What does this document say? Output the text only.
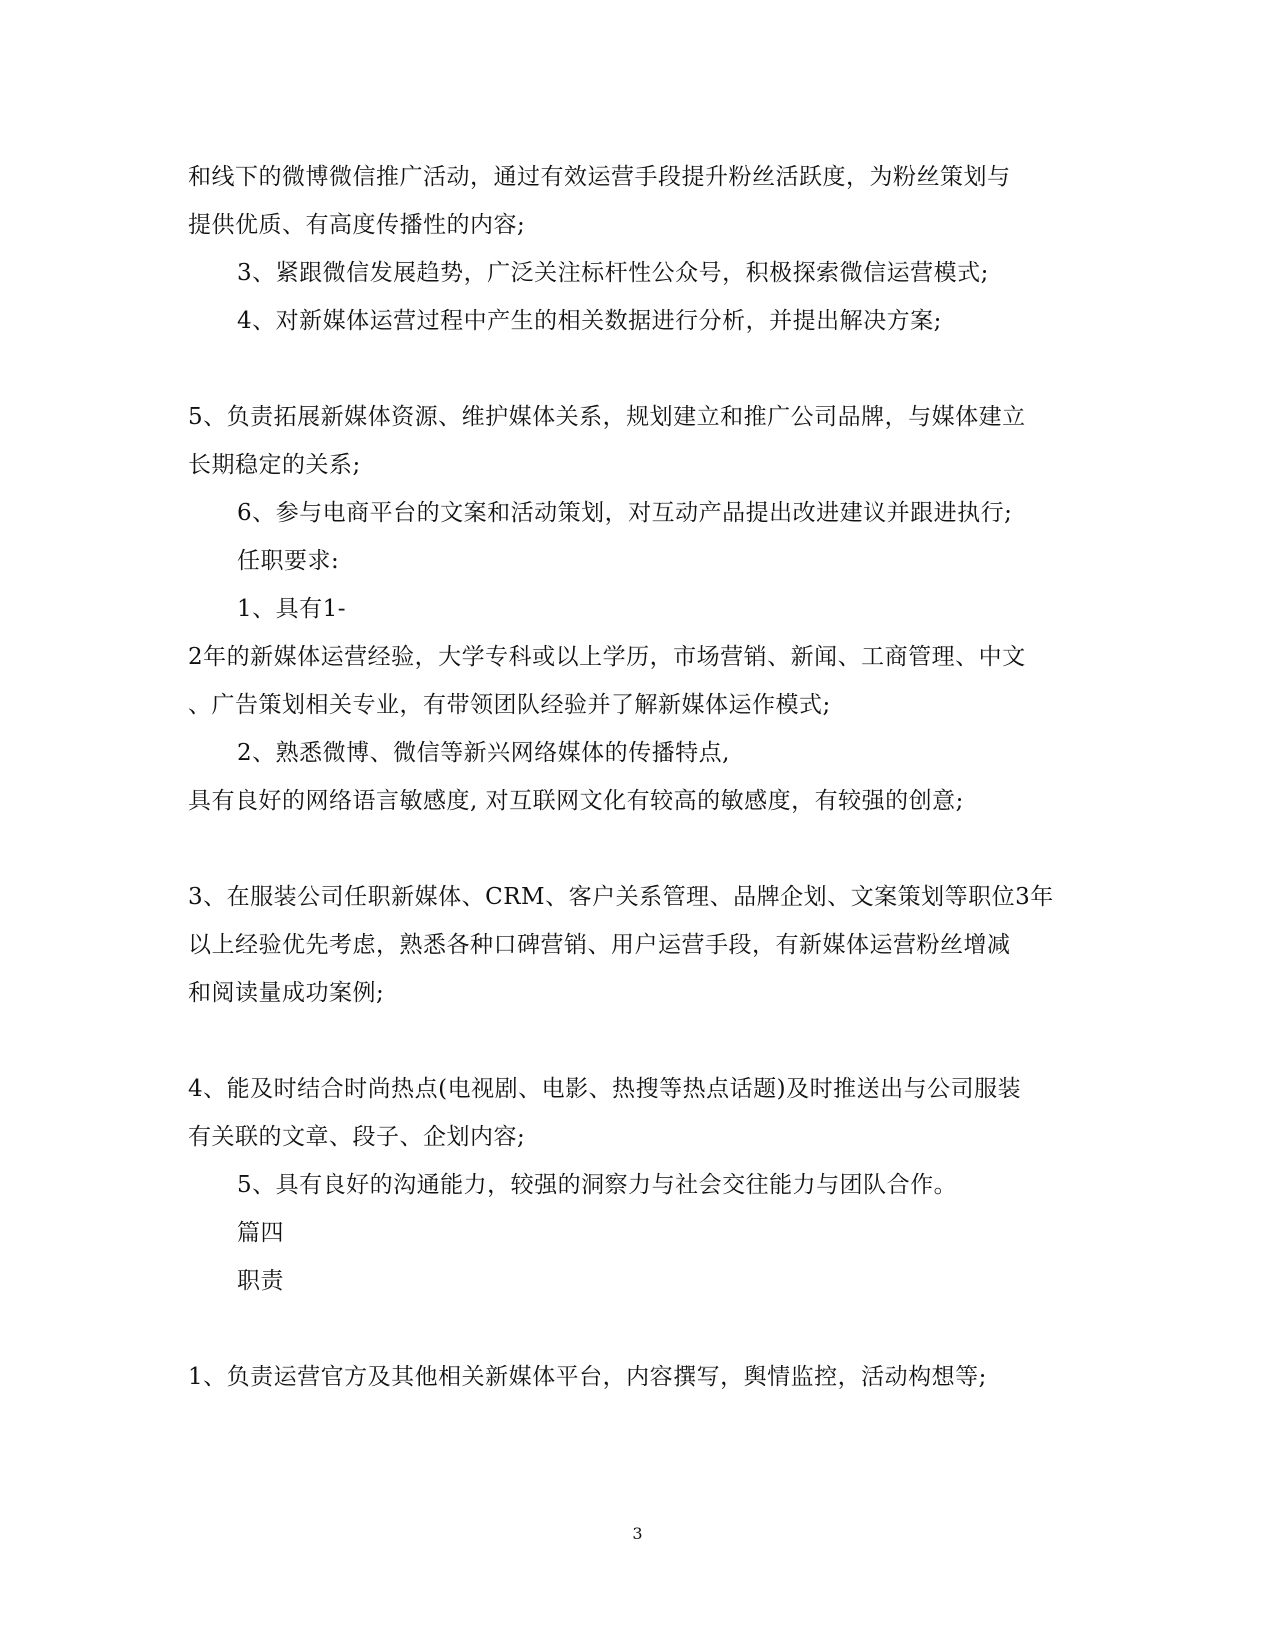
和线下的微博微信推广活动，通过有效运营手段提升粉丝活跃度，为粉丝策划与
提供优质、有高度传播性的内容;
3、紧跟微信发展趋势，广泛关注标杆性公众号，积极探索微信运营模式;
4、对新媒体运营过程中产生的相关数据进行分析，并提出解决方案;
5、负责拓展新媒体资源、维护媒体关系，规划建立和推广公司品牌，与媒体建立
长期稳定的关系;
6、参与电商平台的文案和活动策划，对互动产品提出改进建议并跟进执行;
任职要求:
1、具有1-
2年的新媒体运营经验，大学专科或以上学历，市场营销、新闻、工商管理、中文
、广告策划相关专业，有带领团队经验并了解新媒体运作模式;
2、熟悉微博、微信等新兴网络媒体的传播特点,
具有良好的网络语言敏感度, 对互联网文化有较高的敏感度，有较强的创意;
3、在服装公司任职新媒体、CRM、客户关系管理、品牌企划、文案策划等职位3年
以上经验优先考虑，熟悉各种口碑营销、用户运营手段，有新媒体运营粉丝增减
和阅读量成功案例;
4、能及时结合时尚热点(电视剧、电影、热搜等热点话题)及时推送出与公司服装
有关联的文章、段子、企划内容;
5、具有良好的沟通能力，较强的洞察力与社会交往能力与团队合作。
篇四
职责
1、负责运营官方及其他相关新媒体平台，内容撰写，舆情监控，活动构想等;
3
